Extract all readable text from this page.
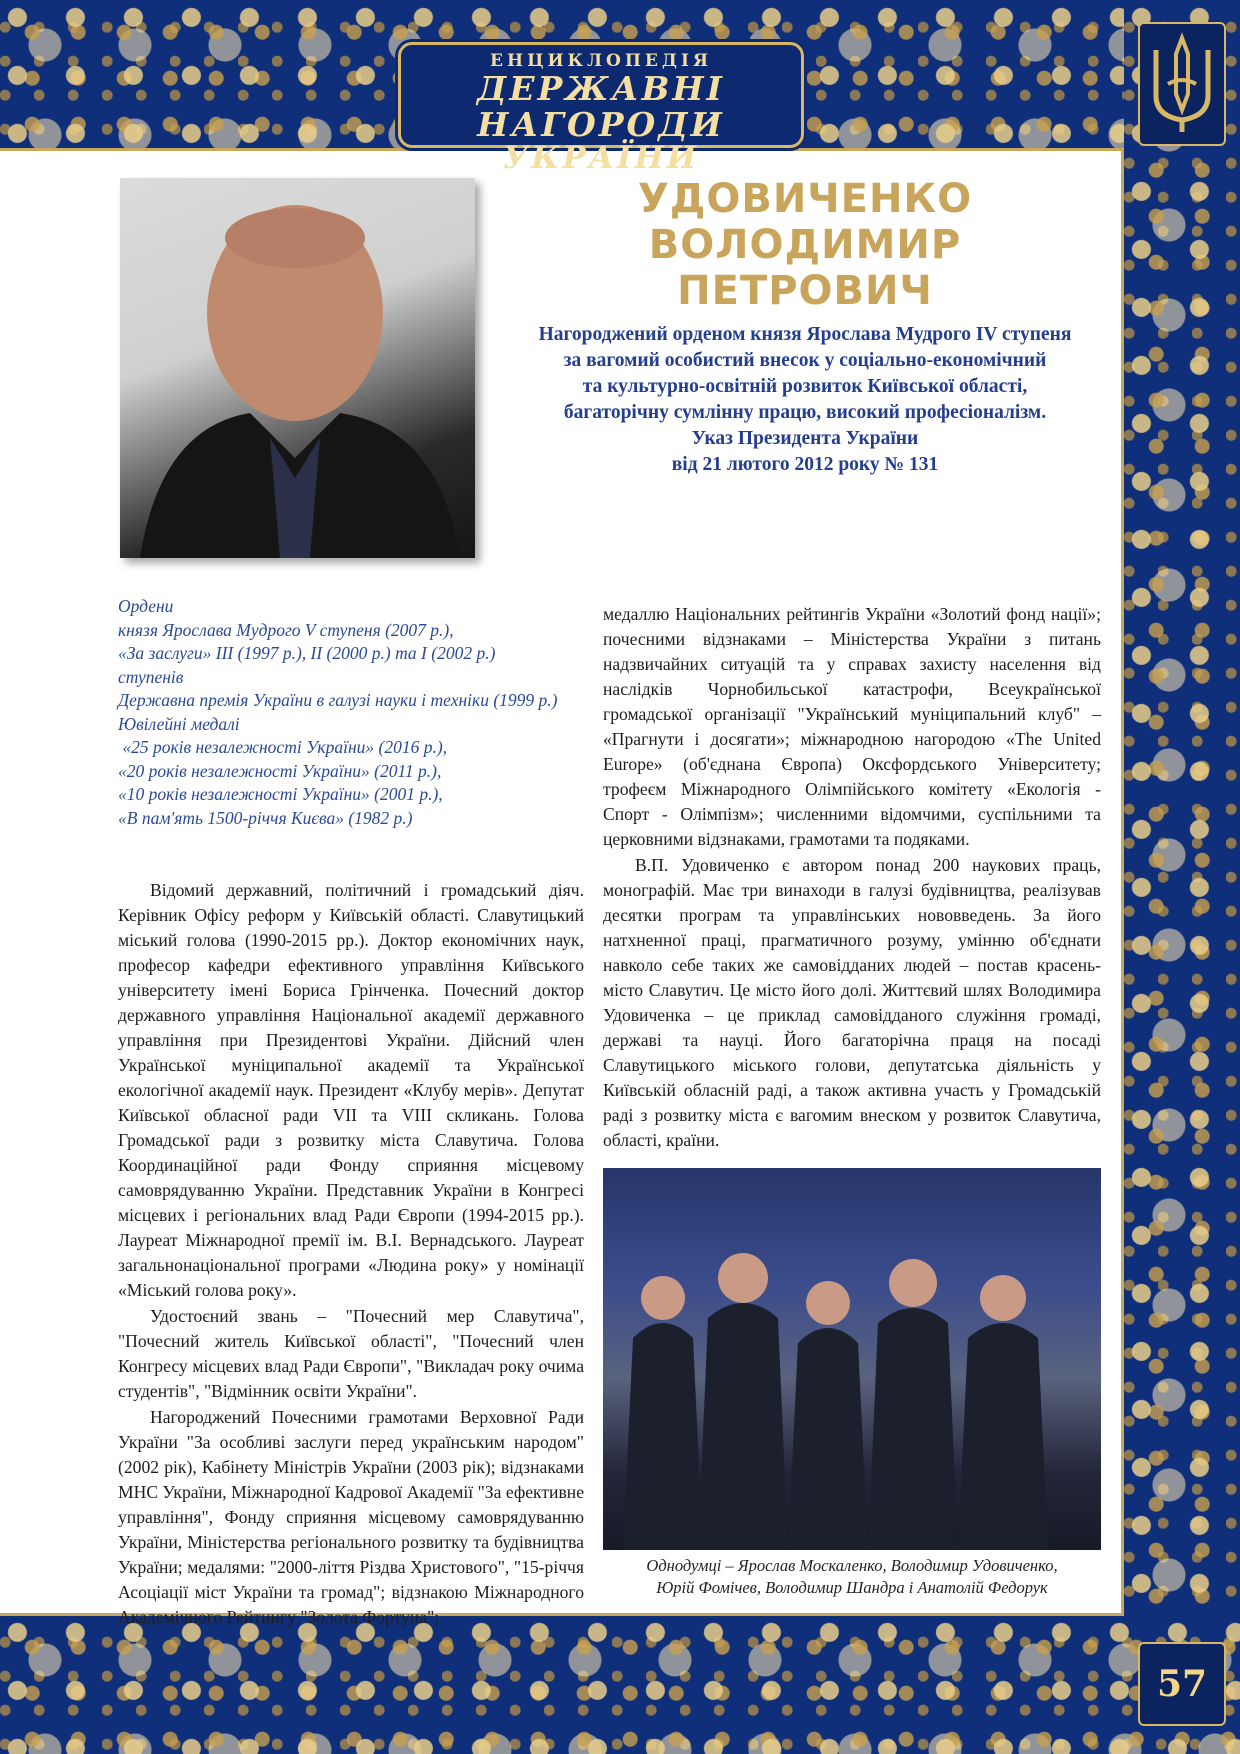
ЕНЦИКЛОПЕДІЯ
ДЕРЖАВНІ НАГОРОДИ
УКРАЇНИ
УДОВИЧЕНКО
ВОЛОДИМИР
ПЕТРОВИЧ
Нагороджений орденом князя Ярослава Мудрого IV ступеня
за вагомий особистий внесок у соціально-економічний
та культурно-освітній розвиток Київської області,
багаторічну сумлінну працю, високий професіоналізм.
Указ Президента України
від 21 лютого 2012 року № 131
Ордени
князя Ярослава Мудрого V ступеня (2007 р.),
«За заслуги» III (1997 р.), II (2000 р.) та I (2002 р.)
ступенів
Державна премія України в галузі науки і техніки (1999 р.)
Ювілейні медалі
«25 років незалежності України» (2016 р.),
«20 років незалежності України» (2011 р.),
«10 років незалежності України» (2001 р.),
«В пам'ять 1500-річчя Києва» (1982 р.)

Відомий державний, політичний і громадський діяч. Керівник Офісу реформ у Київській області. Славутицький міський голова (1990-2015 рр.). Доктор економічних наук, професор кафедри ефективного управління Київського університету імені Бориса Грінченка. Почесний доктор державного управління Національної академії державного управління при Президентові України. Дійсний член Української муніципальної академії та Української екологічної академії наук. Президент «Клубу мерів». Депутат Київської обласної ради VII та VIII скликань. Голова Громадської ради з розвитку міста Славутича. Голова Координаційної ради Фонду сприяння місцевому самоврядуванню України. Представник України в Конгресі місцевих і регіональних влад Ради Європи (1994-2015 рр.). Лауреат Міжнародної премії ім. В.І. Вернадського. Лауреат загальнонаціональної програми «Людина року» у номінації «Міський голова року».

Удостоєний звань – "Почесний мер Славутича", "Почесний житель Київської області", "Почесний член Конгресу місцевих влад Ради Європи", "Викладач року очима студентів", "Відмінник освіти України".

Нагороджений Почесними грамотами Верховної Ради України "За особливі заслуги перед українським народом" (2002 рік), Кабінету Міністрів України (2003 рік); відзнаками МНС України, Міжнародної Кадрової Академії "За ефективне управління", Фонду сприяння місцевому самоврядуванню України, Міністерства регіонального розвитку та будівництва України; медалями: "2000-ліття Різдва Христового", "15-річчя Асоціації міст України та громад"; відзнакою Міжнародного Академічного Рейтингу "Золота Фортуна";

медаллю Національних рейтингів України «Золотий фонд нації»; почесними відзнаками – Міністерства України з питань надзвичайних ситуацій та у справах захисту населення від наслідків Чорнобильської катастрофи, Всеукраїнської громадської організації "Український муніципальний клуб" – «Прагнути і досягати»; міжнародною нагородою «The United Europe» (об'єднана Європа) Оксфордського Університету; трофеєм Міжнародного Олімпійського комітету «Екологія - Спорт - Олімпізм»; численними відомчими, суспільними та церковними відзнаками, грамотами та подяками.

В.П. Удовиченко є автором понад 200 наукових праць, монографій. Має три винаходи в галузі будівництва, реалізував десятки програм та управлінських нововведень. За його натхненної праці, прагматичного розуму, умінню об'єднати навколо себе таких же самовідданих людей – постав красень-місто Славутич. Це місто його долі. Життєвий шлях Володимира Удовиченка – це приклад самовідданого служіння громаді, державі та науці. Його багаторічна праця на посаді Славутицького міського голови, депутатська діяльність у Київській обласній раді, а також активна участь у Громадській раді з розвитку міста є вагомим внеском у розвиток Славутича, області, країни.

Однодумці – Ярослав Москаленко, Володимир Удовиченко,
Юрій Фомічев, Володимир Шандра і Анатолій Федорук
57
